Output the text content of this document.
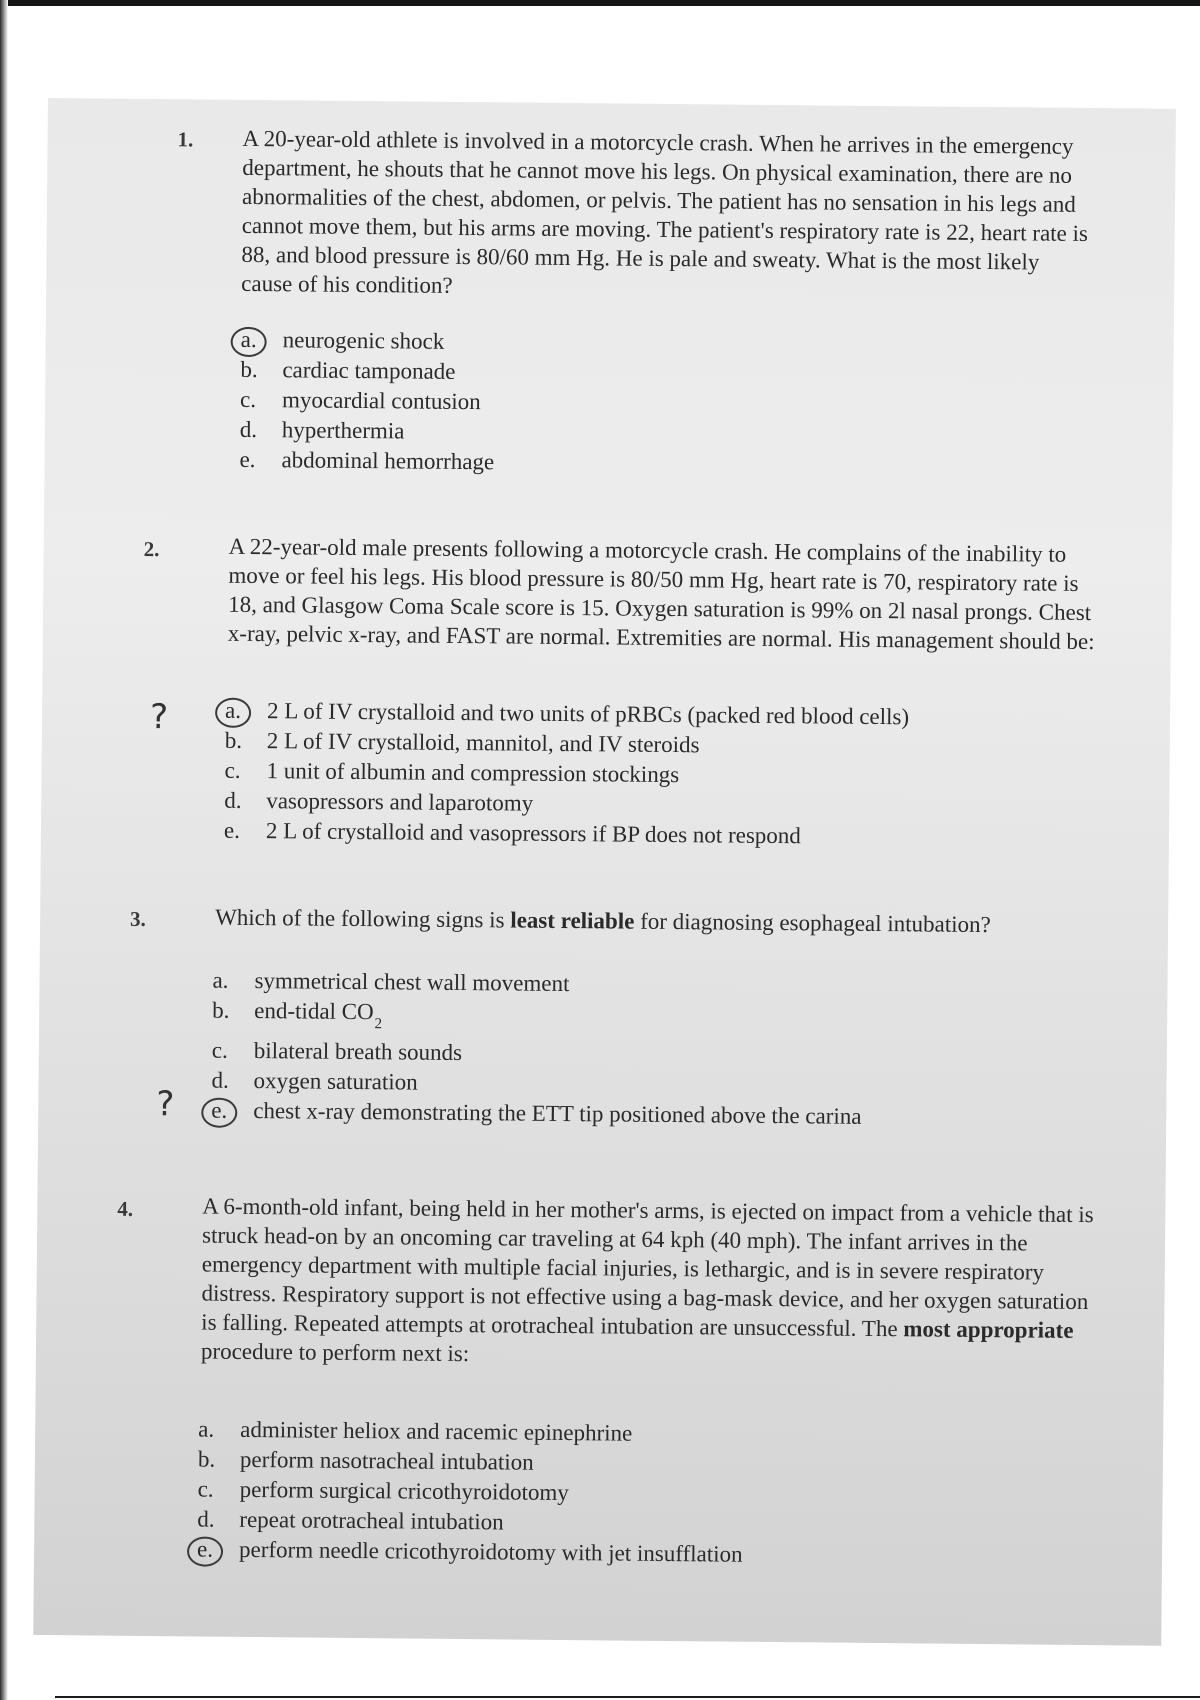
1. A 20-year-old athlete is involved in a motorcycle crash. When he arrives in the emergency department, he shouts that he cannot move his legs. On physical examination, there are no abnormalities of the chest, abdomen, or pelvis. The patient has no sensation in his legs and cannot move them, but his arms are moving. The patient's respiratory rate is 22, heart rate is 88, and blood pressure is 80/60 mm Hg. He is pale and sweaty. What is the most likely cause of his condition?
a.	neurogenic shock
b.	cardiac tamponade
c.	myocardial contusion
d.	hyperthermia
e.	abdominal hemorrhage
2.	A 22-year-old male presents following a motorcycle crash. He complains of the inability to move or feel his legs. His blood pressure is 80/50 mm Hg, heart rate is 70, respiratory rate is 18, and Glasgow Coma Scale score is 15. Oxygen saturation is 99% on 2l nasal prongs. Chest x-ray, pelvic x-ray, and FAST are normal. Extremities are normal. His management should be:
? a.	2 L of IV crystalloid and two units of pRBCs (packed red blood cells)
b.	2 L of IV crystalloid, mannitol, and IV steroids
c.	1 unit of albumin and compression stockings
d.	vasopressors and laparotomy
e.	2 L of crystalloid and vasopressors if BP does not respond
3.	Which of the following signs is least reliable for diagnosing esophageal intubation?
?
a.	symmetrical chest wall movement
b.	end-tidal $CO_2$
c.	bilateral breath sounds
d.	oxygen saturation
e.	chest x-ray demonstrating the ETT tip positioned above the carina
4.	A 6-month-old infant, being held in her mother's arms, is ejected on impact from a vehicle that is struck head-on by an oncoming car traveling at 64 kph (40 mph). The infant arrives in the emergency department with multiple facial injuries, is lethargic, and is in severe respiratory distress. Respiratory support is not effective using a bag-mask device, and her oxygen saturation is falling. Repeated attempts at orotracheal intubation are unsuccessful. The most appropriate procedure to perform next is:
a.	administer heliox and racemic epinephrine
b.	perform nasotracheal intubation
c.	perform surgical cricothyroidotomy
d.	repeat orotracheal intubation
e.	perform needle cricothyroidotomy with jet insufflation
